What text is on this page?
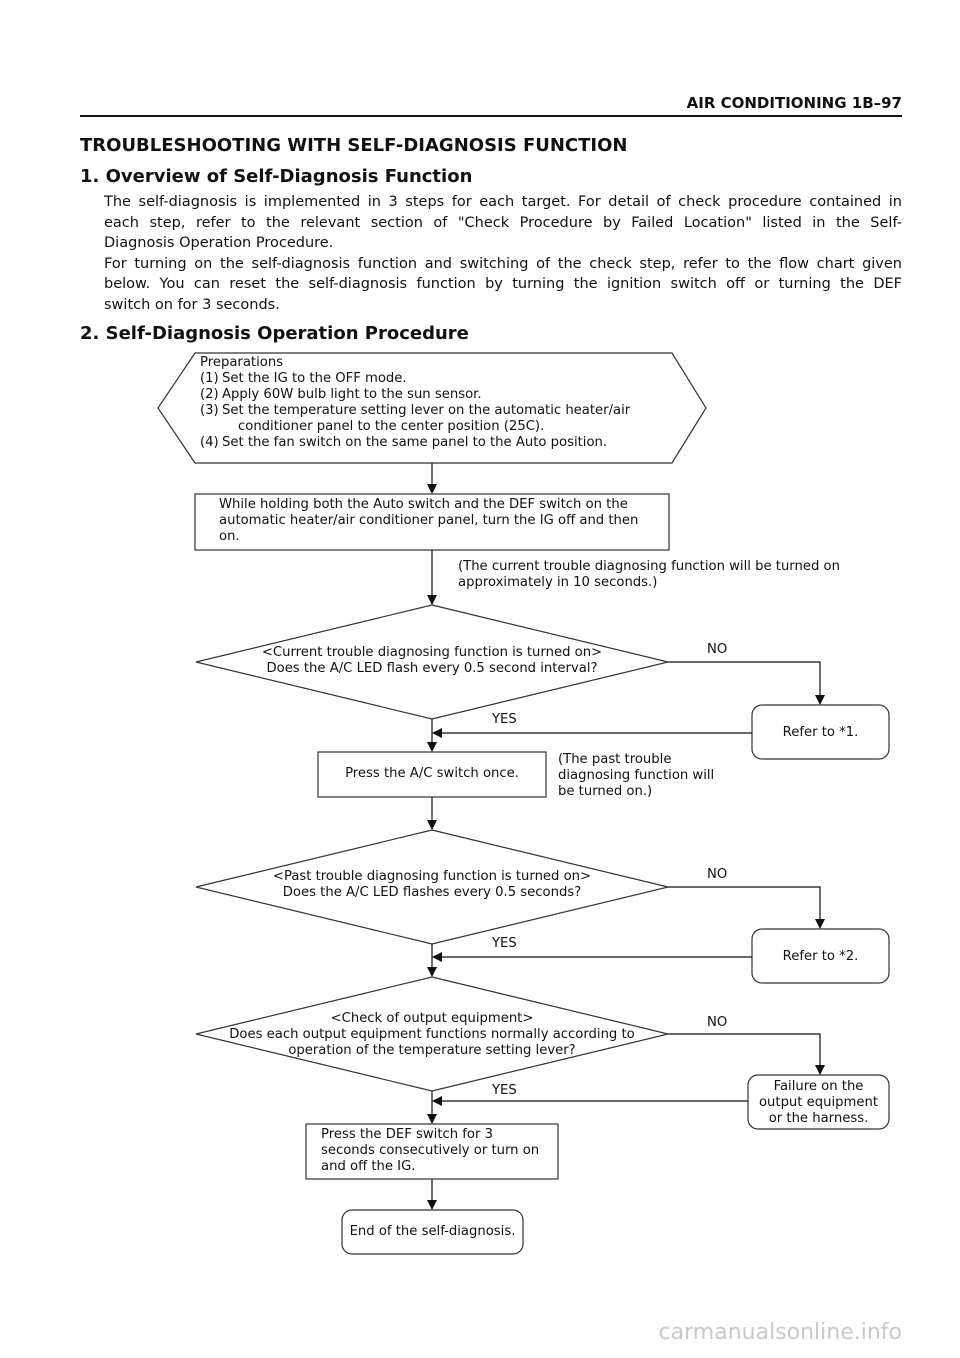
AIR CONDITIONING 1B–97
TROUBLESHOOTING WITH SELF-DIAGNOSIS FUNCTION
1. Overview of Self-Diagnosis Function
The self-diagnosis is implemented in 3 steps for each target. For detail of check procedure contained in
each step, refer to the relevant section of "Check Procedure by Failed Location" listed in the Self-
Diagnosis Operation Procedure.
For turning on the self-diagnosis function and switching of the check step, refer to the flow chart given
below. You can reset the self-diagnosis function by turning the ignition switch off or turning the DEF
switch on for 3 seconds.
2. Self-Diagnosis Operation Procedure
Preparations
(1) Set the IG to the OFF mode.
(2) Apply 60W bulb light to the sun sensor.
(3) Set the temperature setting lever on the automatic heater/air
conditioner panel to the center position (25C).
(4) Set the fan switch on the same panel to the Auto position.
While holding both the Auto switch and the DEF switch on the
automatic heater/air conditioner panel, turn the IG off and then
on.
(The current trouble diagnosing function will be turned on
approximately in 10 seconds.)
<Current trouble diagnosing function is turned on>
Does the A/C LED flash every 0.5 second interval?
NO
YES
Refer to *1.
Press the A/C switch once.
(The past trouble
diagnosing function will
be turned on.)
<Past trouble diagnosing function is turned on>
Does the A/C LED flashes every 0.5 seconds?
NO
YES
Refer to *2.
<Check of output equipment>
Does each output equipment functions normally according to
operation of the temperature setting lever?
NO
YES	Failure on the
output equipment
or the harness.
Press the DEF switch for 3
seconds consecutively or turn on
and off the IG.
End of the self-diagnosis.
carmanualsonline.info
